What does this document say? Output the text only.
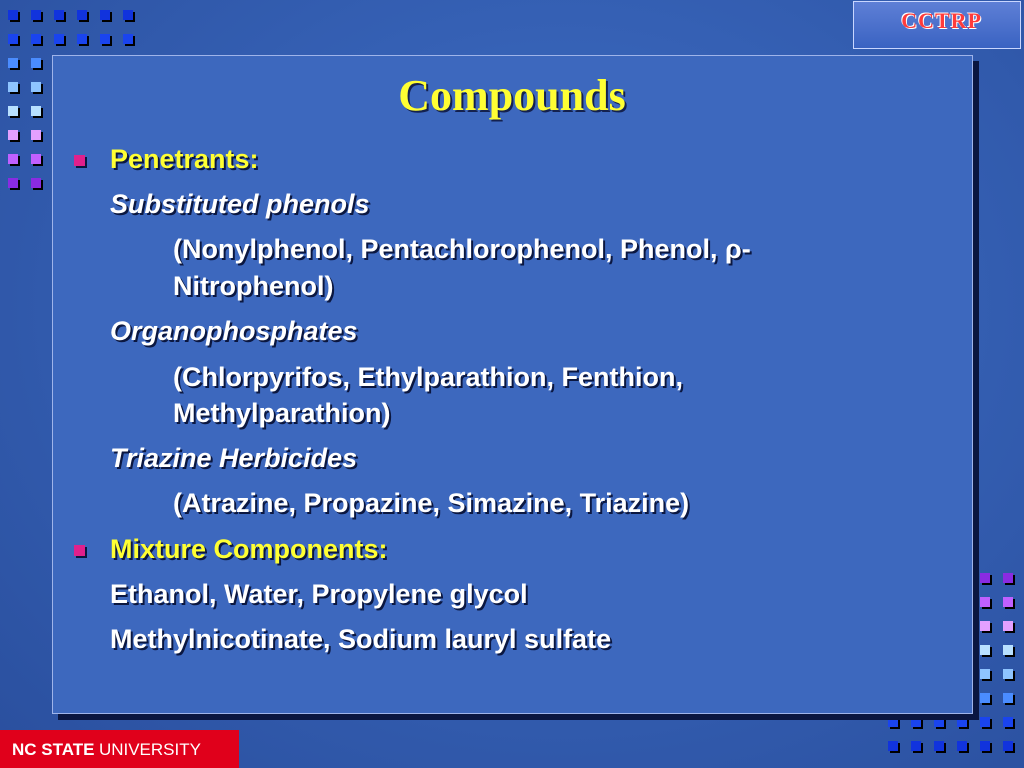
CCTRP
Compounds
Penetrants:
Substituted phenols
(Nonylphenol, Pentachlorophenol, Phenol, ρ-
Nitrophenol)
Organophosphates
(Chlorpyrifos, Ethylparathion, Fenthion,
Methylparathion)
Triazine Herbicides
(Atrazine, Propazine, Simazine, Triazine)
Mixture Components:
Ethanol, Water, Propylene glycol
Methylnicotinate, Sodium lauryl sulfate
NC STATE UNIVERSITY
